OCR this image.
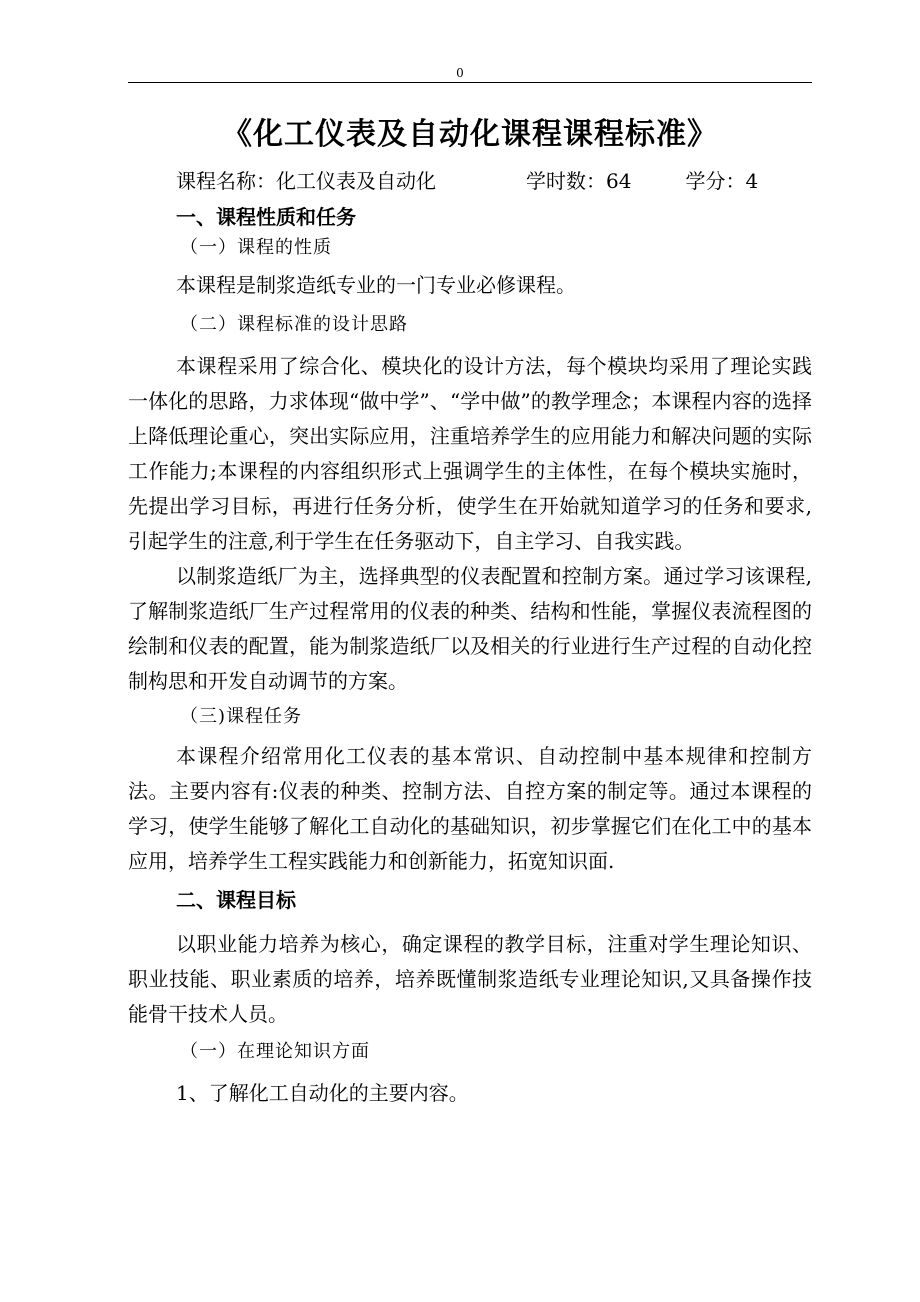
0
《化工仪表及自动化课程课程标准》
课程名称：化工仪表及自动化	学时数：64	学分：4
一、课程性质和任务
（一）课程的性质

本课程是制浆造纸专业的一门专业必修课程。

（二）课程标准的设计思路

本课程采用了综合化、模块化的设计方法，每个模块均采用了理论实践一体化的思路，力求体现“做中学”、“学中做”的教学理念；本课程内容的选择上降低理论重心，突出实际应用，注重培养学生的应用能力和解决问题的实际工作能力;本课程的内容组织形式上强调学生的主体性，在每个模块实施时，先提出学习目标，再进行任务分析，使学生在开始就知道学习的任务和要求,引起学生的注意,利于学生在任务驱动下，自主学习、自我实践。

以制浆造纸厂为主，选择典型的仪表配置和控制方案。通过学习该课程,了解制浆造纸厂生产过程常用的仪表的种类、结构和性能，掌握仪表流程图的绘制和仪表的配置，能为制浆造纸厂以及相关的行业进行生产过程的自动化控制构思和开发自动调节的方案。

（三)课程任务

本课程介绍常用化工仪表的基本常识、自动控制中基本规律和控制方法。主要内容有:仪表的种类、控制方法、自控方案的制定等。通过本课程的学习，使学生能够了解化工自动化的基础知识，初步掌握它们在化工中的基本应用，培养学生工程实践能力和创新能力，拓宽知识面.

二、课程目标

以职业能力培养为核心，确定课程的教学目标，注重对学生理论知识、职业技能、职业素质的培养，培养既懂制浆造纸专业理论知识,又具备操作技能骨干技术人员。

（一）在理论知识方面

1、了解化工自动化的主要内容。
